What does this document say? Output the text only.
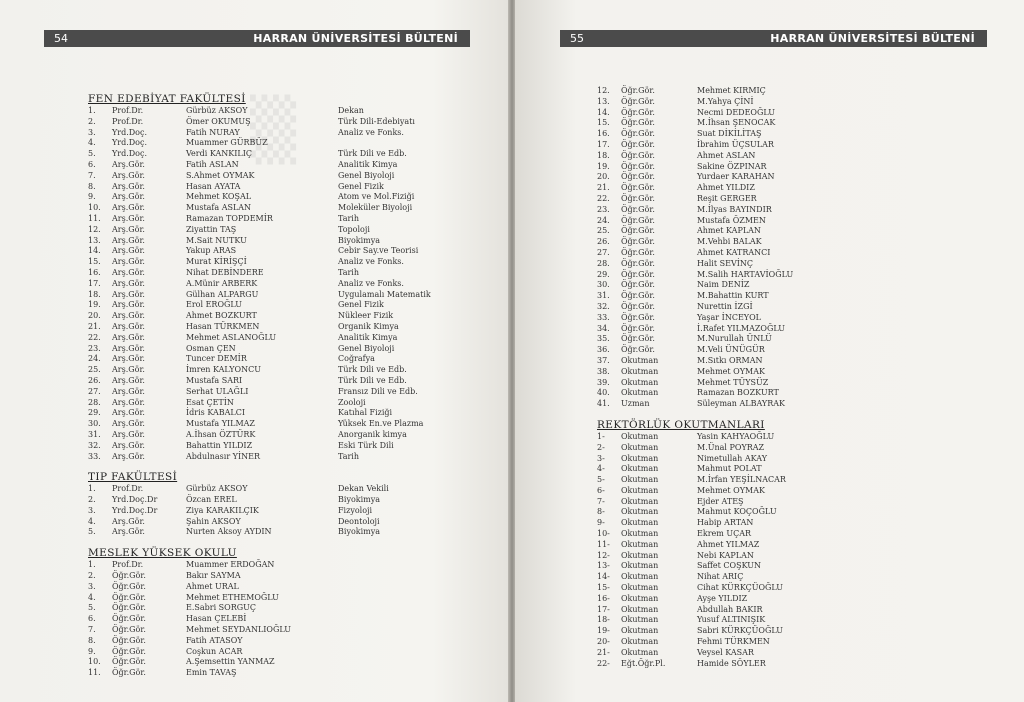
▒
54	HARRAN ÜNİVERSİTESİ BÜLTENİ
FEN EDEBİYAT FAKÜLTESİ
1.	Prof.Dr.	Gürbüz AKSOY	Dekan
2.	Prof.Dr.	Ömer OKUMUŞ	Türk Dili-Edebiyatı
3.	Yrd.Doç.	Fatih NURAY	Analiz ve Fonks.
4.	Yrd.Doç.	Muammer GÜRBÜZ
5.	Yrd.Doç.	Verdi KANKILIÇ	Türk Dili ve Edb.
6.	Arş.Gör.	Fatih ASLAN	Analitik Kimya
7.	Arş.Gör.	S.Ahmet OYMAK	Genel Biyoloji
8.	Arş.Gör.	Hasan AYATA	Genel Fizik
9.	Arş.Gör.	Mehmet KOŞAL	Atom ve Mol.Fiziği
10.	Arş.Gör.	Mustafa ASLAN	Moleküler Biyoloji
11.	Arş.Gör.	Ramazan TOPDEMİR	Tarih
12.	Arş.Gör.	Ziyattin TAŞ	Topoloji
13.	Arş.Gör.	M.Sait NUTKU	Biyokimya
14.	Arş.Gör.	Yakup ARAS	Cebir Say.ve Teorisi
15.	Arş.Gör.	Murat KİRİŞÇİ	Analiz ve Fonks.
16.	Arş.Gör.	Nihat DEBİNDERE	Tarih
17.	Arş.Gör.	A.Münir ARBERK	Analiz ve Fonks.
18.	Arş.Gör.	Gülhan ALPARGU	Uygulamalı Matematik
19.	Arş.Gör.	Erol EROĞLU	Genel Fizik
20.	Arş.Gör.	Ahmet BOZKURT	Nükleer Fizik
21.	Arş.Gör.	Hasan TÜRKMEN	Organik Kimya
22.	Arş.Gör.	Mehmet ASLANOĞLU	Analitik Kimya
23.	Arş.Gör.	Osman ÇEN	Genel Biyoloji
24.	Arş.Gör.	Tuncer DEMİR	Coğrafya
25.	Arş.Gör.	İmren KALYONCU	Türk Dili ve Edb.
26.	Arş.Gör.	Mustafa SARI	Türk Dili ve Edb.
27.	Arş.Gör.	Serhat ULAĞLI	Fransız Dili ve Edb.
28.	Arş.Gör.	Esat ÇETİN	Zooloji
29.	Arş.Gör.	İdris KABALCI	Katıhal Fiziği
30.	Arş.Gör.	Mustafa YILMAZ	Yüksek En.ve Plazma
31.	Arş.Gör.	A.İhsan ÖZTÜRK	Anorganik kimya
32.	Arş.Gör.	Bahattin YILDIZ	Eski Türk Dili
33.	Arş.Gör.	Abdulnasır YİNER	Tarih
TIP FAKÜLTESİ
1.	Prof.Dr.	Gürbüz AKSOY	Dekan Vekili
2.	Yrd.Doç.Dr	Özcan EREL	Biyokimya
3.	Yrd.Doç.Dr	Ziya KARAKILÇIK	Fizyoloji
4.	Arş.Gör.	Şahin AKSOY	Deontoloji
5.	Arş.Gör.	Nurten Aksoy AYDIN	Biyokimya
MESLEK YÜKSEK OKULU
1.	Prof.Dr.	Muammer ERDOĞAN
2.	Öğr.Gör.	Bakır SAYMA
3.	Öğr.Gör.	Ahmet URAL
4.	Öğr.Gör.	Mehmet ETHEMOĞLU
5.	Öğr.Gör.	E.Sabri SORGUÇ
6.	Öğr.Gör.	Hasan ÇELEBİ
7.	Öğr.Gör.	Mehmet SEYDANLIOĞLU
8.	Öğr.Gör.	Fatih ATASOY
9.	Öğr.Gör.	Coşkun ACAR
10.	Öğr.Gör.	A.Şemsettin YANMAZ
11.	Öğr.Gör.	Emin TAVAŞ
55	HARRAN ÜNİVERSİTESİ BÜLTENİ
12.	Öğr.Gör.	Mehmet KIRMIÇ
13.	Öğr.Gör.	M.Yahya ÇİNİ
14.	Öğr.Gör.	Necmi DEDEOĞLU
15.	Öğr.Gör.	M.İhsan ŞENOCAK
16.	Öğr.Gör.	Suat DİKİLİTAŞ
17.	Öğr.Gör.	İbrahim ÜÇSULAR
18.	Öğr.Gör.	Ahmet ASLAN
19.	Öğr.Gör.	Sakine ÖZPINAR
20.	Öğr.Gör.	Yurdaer KARAHAN
21.	Öğr.Gör.	Ahmet YILDIZ
22.	Öğr.Gör.	Reşit GERGER
23.	Öğr.Gör.	M.İlyas BAYINDIR
24.	Öğr.Gör.	Mustafa ÖZMEN
25.	Öğr.Gör.	Ahmet KAPLAN
26.	Öğr.Gör.	M.Vehbi BALAK
27.	Öğr.Gör.	Ahmet KATRANCI
28.	Öğr.Gör.	Halit SEVİNÇ
29.	Öğr.Gör.	M.Salih HARTAVİOĞLU
30.	Öğr.Gör.	Naim DENİZ
31.	Öğr.Gör.	M.Bahattin KURT
32.	Öğr.Gör.	Nurettin İZGİ
33.	Öğr.Gör.	Yaşar İNCEYOL
34.	Öğr.Gör.	İ.Rafet YILMAZOĞLU
35.	Öğr.Gör.	M.Nurullah ÜNLÜ
36.	Öğr.Gör.	M.Veli ÜNÜGÜR
37.	Okutman	M.Sıtkı ORMAN
38.	Okutman	Mehmet OYMAK
39.	Okutman	Mehmet TÜYSÜZ
40.	Okutman	Ramazan BOZKURT
41.	Uzman	Süleyman ALBAYRAK
REKTÖRLÜK OKUTMANLARI
1-	Okutman	Yasin KAHYAOĞLU
2-	Okutman	M.Ünal POYRAZ
3-	Okutman	Nimetullah AKAY
4-	Okutman	Mahmut POLAT
5-	Okutman	M.İrfan YEŞİLNACAR
6-	Okutman	Mehmet OYMAK
7-	Okutman	Ejder ATEŞ
8-	Okutman	Mahmut KOÇOĞLU
9-	Okutman	Habip ARTAN
10-	Okutman	Ekrem UÇAR
11-	Okutman	Ahmet YILMAZ
12-	Okutman	Nebi KAPLAN
13-	Okutman	Saffet COŞKUN
14-	Okutman	Nihat ARIÇ
15-	Okutman	Cihat KÜRKÇÜOĞLU
16-	Okutman	Ayşe YILDIZ
17-	Okutman	Abdullah BAKIR
18-	Okutman	Yusuf ALTINIŞIK
19-	Okutman	Sabri KÜRKÇÜOĞLU
20-	Okutman	Fehmi TÜRKMEN
21-	Okutman	Veysel KASAR
22-	Eğt.Öğr.Pl.	Hamide SÖYLER
